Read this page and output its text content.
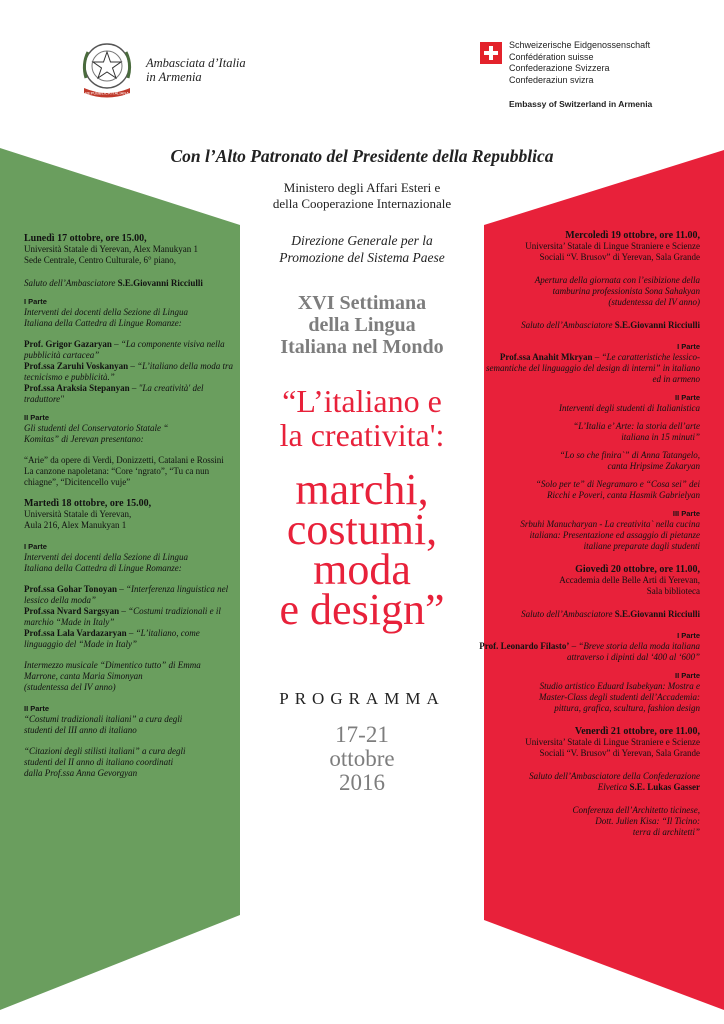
REPUBBLICA ITALIANA
Ambasciata d’Italia
in Armenia
Schweizerische Eidgenossenschaft
Confédération suisse
Confederazione Svizzera
Confederaziun svizra
Embassy of Switzerland in Armenia
Con l’Alto Patronato del Presidente della Repubblica
Ministero degli Affari Esteri e
della Cooperazione Internazionale
Direzione Generale per la
Promozione del Sistema Paese
XVI Settimana
della Lingua
Italiana nel Mondo
“L’italiano e
la creativita':
marchi,
costumi,
moda
e design”
PROGRAMMA
17-21
ottobre
2016
Lunedì 17 ottobre, ore 15.00,
Università Statale di Yerevan, Alex Manukyan 1
Sede Centrale, Centro Culturale, 6° piano,
Saluto dell’Ambasciatore S.E.Giovanni Ricciulli
I Parte
Interventi dei docenti della Sezione di Lingua
Italiana della Cattedra di Lingue Romanze:
Prof. Grigor Gazaryan – “La componente visiva nella pubblicità cartacea”
Prof.ssa Zaruhi Voskanyan – “L’italiano della moda tra tecnicismo e pubblicità.”
Prof.ssa Araksia Stepanyan – "La creatività' del traduttore"
II Parte
Gli studenti del Conservatorio Statale “
Komitas” di Jerevan presentano:
“Arie” da opere di Verdi, Donizzetti, Catalani e Rossini
La canzone napoletana: “Core ‘ngrato”, “Tu ca nun chiagne”, “Dicitencello vuje”
Martedì 18 ottobre, ore 15.00,
Università Statale di Yerevan,
Aula 216, Alex Manukyan 1
I Parte
Interventi dei docenti della Sezione di Lingua
Italiana della Cattedra di Lingue Romanze:
Prof.ssa Gohar Tonoyan – “Interferenza linguistica nel lessico della moda”
Prof.ssa Nvard Sargsyan – “Costumi tradizionali e il marchio “Made in Italy”
Prof.ssa Lala Vardazaryan – “L’italiano, come linguaggio del “Made in Italy”
Intermezzo musicale “Dimentico tutto” di Emma
Marrone, canta Maria Simonyan
(studentessa del IV anno)
II Parte
“Costumi tradizionali italiani” a cura degli
studenti del III anno di italiano
“Citazioni degli stilisti italiani” a cura degli
studenti del II anno di italiano coordinati
dalla Prof.ssa Anna Gevorgyan
Mercoledì 19 ottobre, ore 11.00,
Universita’ Statale di Lingue Straniere e Scienze
Sociali “V. Brusov” di Yerevan, Sala Grande
Apertura della giornata con l’esibizione della
tamburina professionista Sona Sahakyan
(studentessa del IV anno)
Saluto dell’Ambasciatore S.E.Giovanni Ricciulli
I Parte
Prof.ssa Anahit Mkryan – “Le caratteristiche lessico-semantiche del linguaggio del design di interni” in italiano ed in armeno
II Parte
Interventi degli studenti di Italianistica
“L’Italia e’ Arte: la storia dell’arte
italiana in 15 minuti”
“Lo so che finira`” di Anna Tatangelo,
canta Hripsime Zakaryan
“Solo per te” di Negramaro e “Cosa sei” dei
Ricchi e Poveri, canta Hasmik Gabrielyan
III Parte
Srbuhi Manucharyan - La creativita` nella cucina
italiana: Presentazione ed assaggio di pietanze
italiane preparate dagli studenti
Giovedì 20 ottobre, ore 11.00,
Accademia delle Belle Arti di Yerevan,
Sala biblioteca
Saluto dell’Ambasciatore S.E.Giovanni Ricciulli
I Parte
Prof. Leonardo Filasto’ – “Breve storia della moda italiana attraverso i dipinti dal ‘400 al ‘600”
II Parte
Studio artistico Eduard Isabekyan: Mostra e
Master-Class degli studenti dell’Accademia:
pittura, grafica, scultura, fashion design
Venerdì 21 ottobre, ore 11.00,
Universita’ Statale di Lingue Straniere e Scienze
Sociali “V. Brusov” di Yerevan, Sala Grande
Saluto dell’Ambasciatore della Confederazione
Elvetica S.E. Lukas Gasser
Conferenza dell’Architetto ticinese,
Dott. Julien Kisa: “Il Ticino:
terra di architetti”
